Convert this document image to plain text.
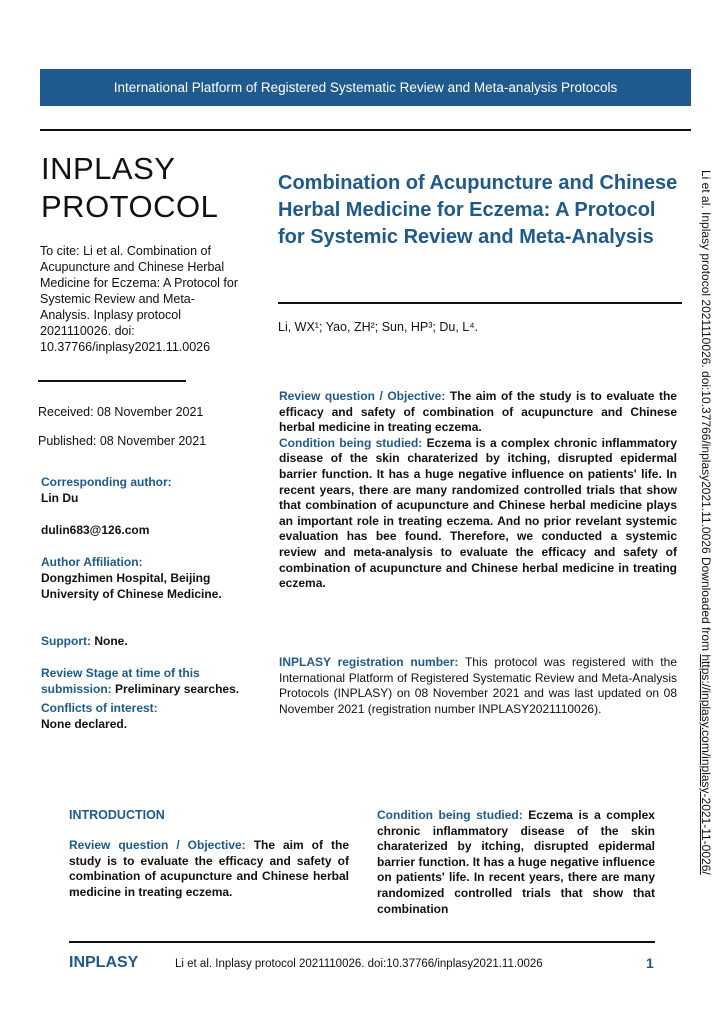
International Platform of Registered Systematic Review and Meta-analysis Protocols
INPLASY
PROTOCOL
To cite: Li et al. Combination of Acupuncture and Chinese Herbal Medicine for Eczema: A Protocol for Systemic Review and Meta-Analysis. Inplasy protocol 2021110026. doi: 10.37766/inplasy2021.11.0026
Received: 08 November 2021
Published: 08 November 2021
Corresponding author:
Lin Du
dulin683@126.com
Author Affiliation:
Dongzhimen Hospital, Beijing University of Chinese Medicine.
Support: None.
Review Stage at time of this submission: Preliminary searches.
Conflicts of interest:
None declared.
Combination of Acupuncture and Chinese Herbal Medicine for Eczema: A Protocol for Systemic Review and Meta-Analysis
Li, WX¹; Yao, ZH²; Sun, HP³; Du, L⁴.
Review question / Objective: The aim of the study is to evaluate the efficacy and safety of combination of acupuncture and Chinese herbal medicine in treating eczema.
Condition being studied: Eczema is a complex chronic inflammatory disease of the skin charaterized by itching, disrupted epidermal barrier function. It has a huge negative influence on patients' life. In recent years, there are many randomized controlled trials that show that combination of acupuncture and Chinese herbal medicine plays an important role in treating eczema. And no prior revelant systemic evaluation has bee found. Therefore, we conducted a systemic review and meta-analysis to evaluate the efficacy and safety of combination of acupuncture and Chinese herbal medicine in treating eczema.
INPLASY registration number: This protocol was registered with the International Platform of Registered Systematic Review and Meta-Analysis Protocols (INPLASY) on 08 November 2021 and was last updated on 08 November 2021 (registration number INPLASY2021110026).
INTRODUCTION
Review question / Objective: The aim of the study is to evaluate the efficacy and safety of combination of acupuncture and Chinese herbal medicine in treating eczema.
Condition being studied: Eczema is a complex chronic inflammatory disease of the skin charaterized by itching, disrupted epidermal barrier function. It has a huge negative influence on patients' life. In recent years, there are many randomized controlled trials that show that combination
INPLASY	Li et al. Inplasy protocol 2021110026. doi:10.37766/inplasy2021.11.0026	1
Li et al. Inplasy protocol 2021110026. doi:10.37766/inplasy2021.11.0026 Downloaded from https://inplasy.com/inplasy-2021-11-0026/
